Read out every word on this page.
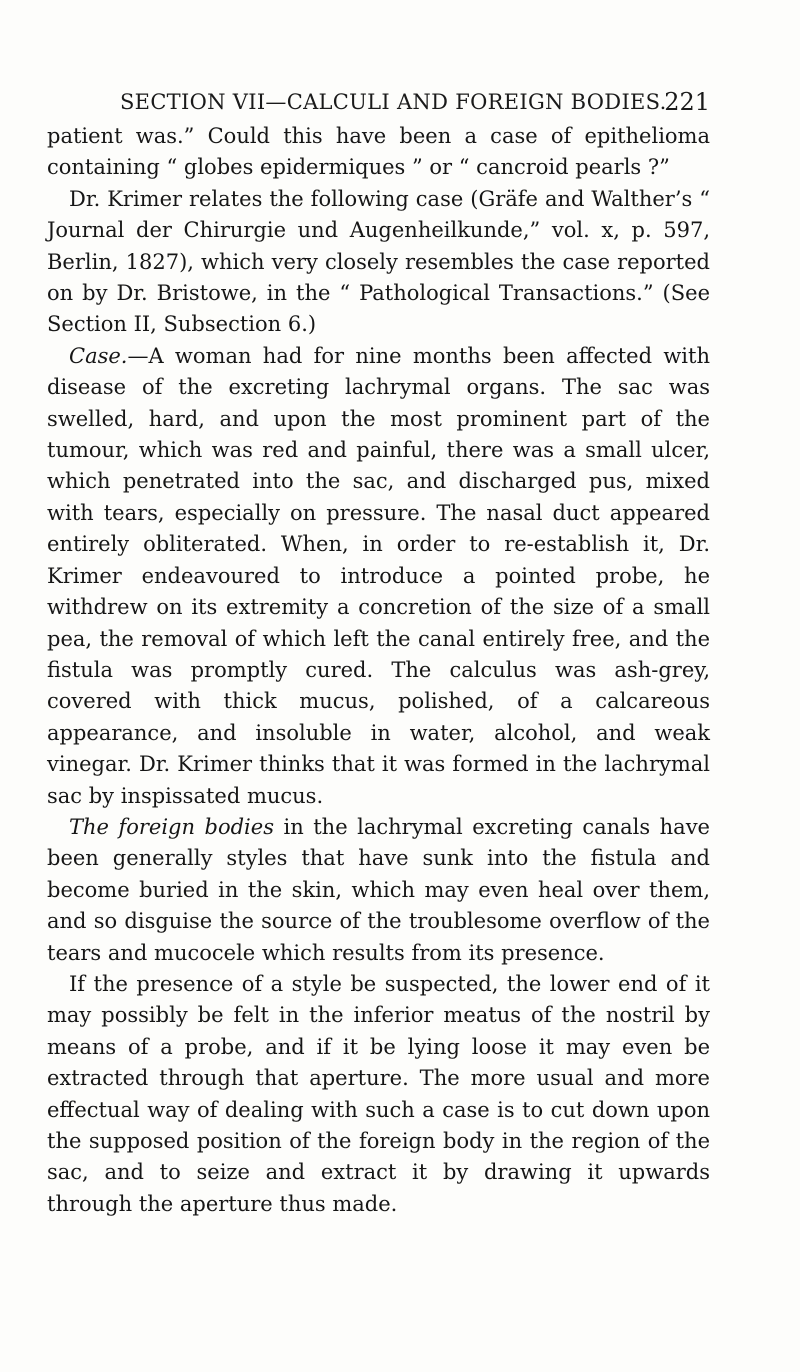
SECTION VII—CALCULI AND FOREIGN BODIES.
221

patient was.” Could this have been a case of epithelioma containing “ globes epidermiques ” or “ cancroid pearls ?”

Dr. Krimer relates the following case (Gräfe and Walther’s “ Journal der Chirurgie und Augenheilkunde,” vol. x, p. 597, Berlin, 1827), which very closely resembles the case reported on by Dr. Bristowe, in the “ Pathological Transactions.” (See Section II, Subsection 6.)

Case.—A woman had for nine months been affected with disease of the excreting lachrymal organs. The sac was swelled, hard, and upon the most prominent part of the tumour, which was red and painful, there was a small ulcer, which penetrated into the sac, and discharged pus, mixed with tears, especially on pressure. The nasal duct appeared entirely obliterated. When, in order to re-establish it, Dr. Krimer endeavoured to introduce a pointed probe, he withdrew on its extremity a concretion of the size of a small pea, the removal of which left the canal entirely free, and the fistula was promptly cured. The calculus was ash-grey, covered with thick mucus, polished, of a calcareous appearance, and insoluble in water, alcohol, and weak vinegar. Dr. Krimer thinks that it was formed in the lachrymal sac by inspissated mucus.

The foreign bodies in the lachrymal excreting canals have been generally styles that have sunk into the fistula and become buried in the skin, which may even heal over them, and so disguise the source of the troublesome overflow of the tears and mucocele which results from its presence.

If the presence of a style be suspected, the lower end of it may possibly be felt in the inferior meatus of the nostril by means of a probe, and if it be lying loose it may even be extracted through that aperture. The more usual and more effectual way of dealing with such a case is to cut down upon the supposed position of the foreign body in the region of the sac, and to seize and extract it by drawing it upwards through the aperture thus made.
